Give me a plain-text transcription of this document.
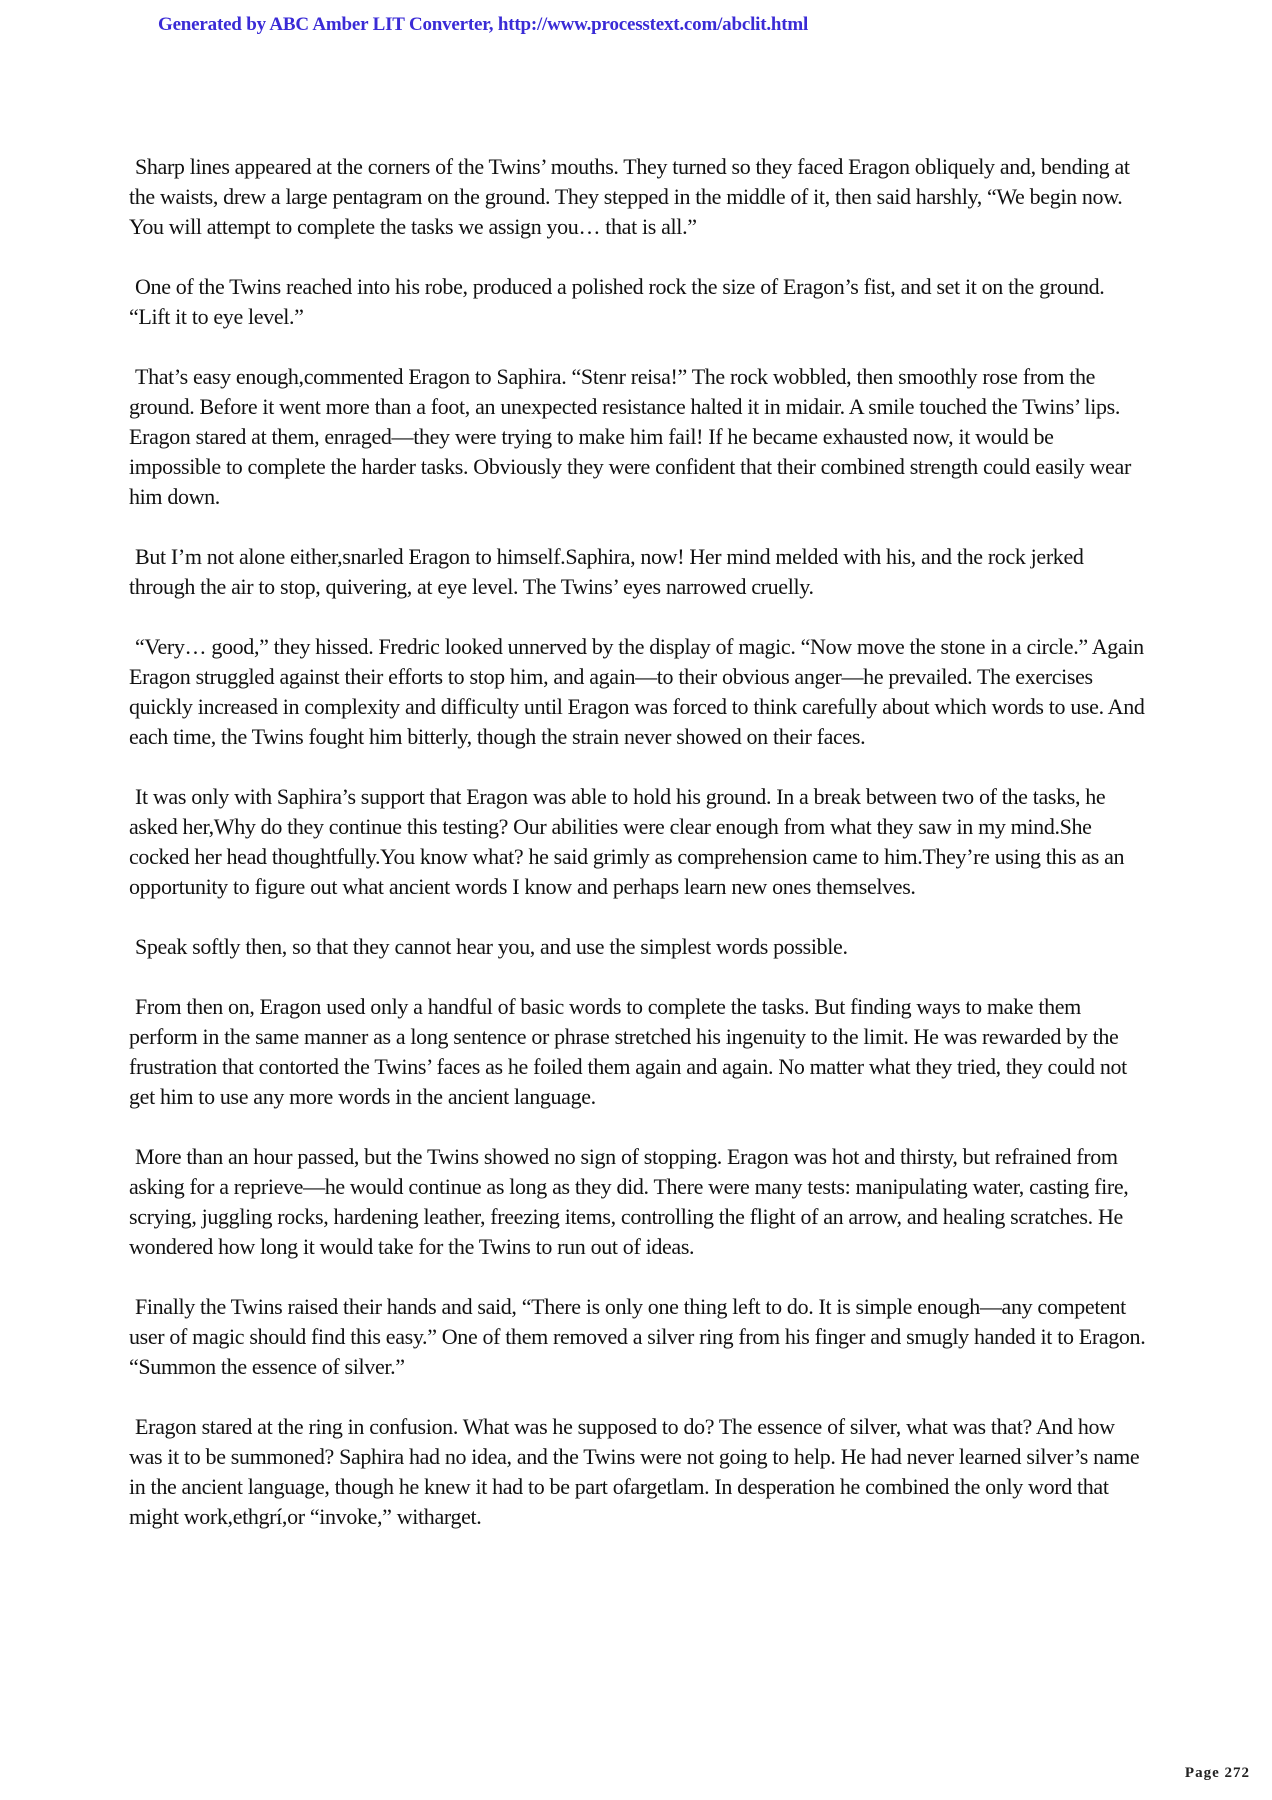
Generated by ABC Amber LIT Converter, http://www.processtext.com/abclit.html

Sharp lines appeared at the corners of the Twins’ mouths. They turned so they faced Eragon obliquely and, bending at the waists, drew a large pentagram on the ground. They stepped in the middle of it, then said harshly, “We begin now. You will attempt to complete the tasks we assign you… that is all.”

One of the Twins reached into his robe, produced a polished rock the size of Eragon’s fist, and set it on the ground. “Lift it to eye level.”

That’s easy enough,commented Eragon to Saphira. “Stenr reisa!” The rock wobbled, then smoothly rose from the ground. Before it went more than a foot, an unexpected resistance halted it in midair. A smile touched the Twins’ lips. Eragon stared at them, enraged—they were trying to make him fail! If he became exhausted now, it would be impossible to complete the harder tasks. Obviously they were confident that their combined strength could easily wear him down.

But I’m not alone either,snarled Eragon to himself.Saphira, now! Her mind melded with his, and the rock jerked through the air to stop, quivering, at eye level. The Twins’ eyes narrowed cruelly.

“Very… good,” they hissed. Fredric looked unnerved by the display of magic. “Now move the stone in a circle.” Again Eragon struggled against their efforts to stop him, and again—to their obvious anger—he prevailed. The exercises quickly increased in complexity and difficulty until Eragon was forced to think carefully about which words to use. And each time, the Twins fought him bitterly, though the strain never showed on their faces.

It was only with Saphira’s support that Eragon was able to hold his ground. In a break between two of the tasks, he asked her,Why do they continue this testing? Our abilities were clear enough from what they saw in my mind.She cocked her head thoughtfully.You know what? he said grimly as comprehension came to him.They’re using this as an opportunity to figure out what ancient words I know and perhaps learn new ones themselves.

Speak softly then, so that they cannot hear you, and use the simplest words possible.

From then on, Eragon used only a handful of basic words to complete the tasks. But finding ways to make them perform in the same manner as a long sentence or phrase stretched his ingenuity to the limit. He was rewarded by the frustration that contorted the Twins’ faces as he foiled them again and again. No matter what they tried, they could not get him to use any more words in the ancient language.

More than an hour passed, but the Twins showed no sign of stopping. Eragon was hot and thirsty, but refrained from asking for a reprieve—he would continue as long as they did. There were many tests: manipulating water, casting fire, scrying, juggling rocks, hardening leather, freezing items, controlling the flight of an arrow, and healing scratches. He wondered how long it would take for the Twins to run out of ideas.

Finally the Twins raised their hands and said, “There is only one thing left to do. It is simple enough—any competent user of magic should find this easy.” One of them removed a silver ring from his finger and smugly handed it to Eragon. “Summon the essence of silver.”

Eragon stared at the ring in confusion. What was he supposed to do? The essence of silver, what was that? And how was it to be summoned? Saphira had no idea, and the Twins were not going to help. He had never learned silver’s name in the ancient language, though he knew it had to be part ofargetlam. In desperation he combined the only word that might work,ethgrí,or “invoke,” witharget.

Page 272
